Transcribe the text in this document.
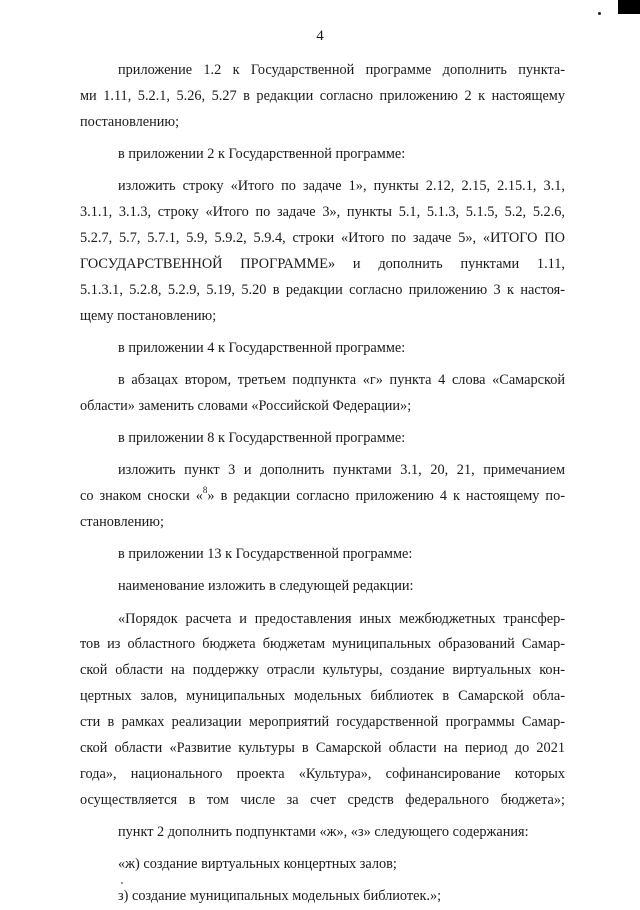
4
приложение 1.2 к Государственной программе дополнить пункта-
ми 1.11, 5.2.1, 5.26, 5.27 в редакции согласно приложению 2 к настоящему
постановлению;
в приложении 2 к Государственной программе:
изложить строку «Итого по задаче 1», пункты 2.12, 2.15, 2.15.1, 3.1,
3.1.1, 3.1.3, строку «Итого по задаче 3», пункты 5.1, 5.1.3, 5.1.5, 5.2, 5.2.6,
5.2.7, 5.7, 5.7.1, 5.9, 5.9.2, 5.9.4, строки «Итого по задаче 5», «ИТОГО ПО
ГОСУДАРСТВЕННОЙ ПРОГРАММЕ» и дополнить пунктами 1.11,
5.1.3.1, 5.2.8, 5.2.9, 5.19, 5.20 в редакции согласно приложению 3 к настоя-
щему постановлению;
в приложении 4 к Государственной программе:
в абзацах втором, третьем подпункта «г» пункта 4 слова «Самарской
области» заменить словами «Российской Федерации»;
в приложении 8 к Государственной программе:
изложить пункт 3 и дополнить пунктами 3.1, 20, 21, примечанием
со знаком сноски «$^8$» в редакции согласно приложению 4 к настоящему по-
становлению;
в приложении 13 к Государственной программе:
наименование изложить в следующей редакции:
«Порядок расчета и предоставления иных межбюджетных трансфер-
тов из областного бюджета бюджетам муниципальных образований Самар-
ской области на поддержку отрасли культуры, создание виртуальных кон-
цертных залов, муниципальных модельных библиотек в Самарской обла-
сти в рамках реализации мероприятий государственной программы Самар-
ской области «Развитие культуры в Самарской области на период до 2021
года», национального проекта «Культура», софинансирование которых
осуществляется в том числе за счет средств федерального бюджета»;
пункт 2 дополнить подпунктами «ж», «з» следующего содержания:
«ж) создание виртуальных концертных залов;
з) создание муниципальных модельных библиотек.»;
